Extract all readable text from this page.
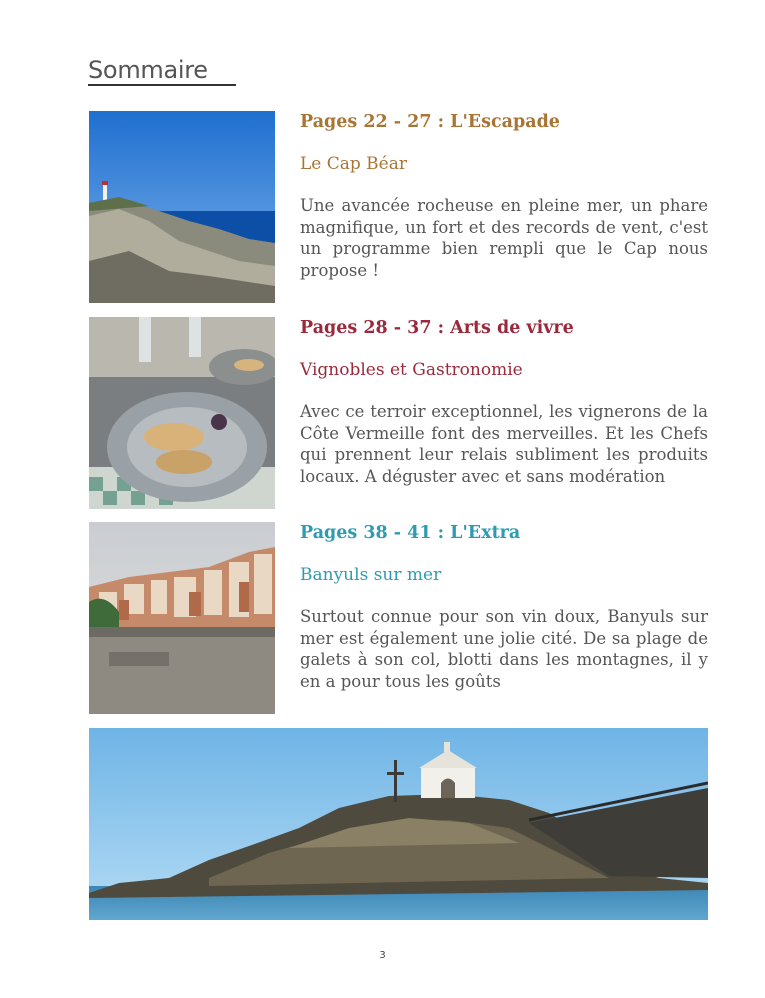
Sommaire

Pages 22 - 27 : L'Escapade

Le Cap Béar

Une avancée rocheuse en pleine mer, un phare magnifique, un fort et des records de vent, c'est un programme bien rempli que le Cap nous propose !

Pages 28 - 37 : Arts de vivre

Vignobles et Gastronomie

Avec ce terroir exceptionnel, les vignerons de la Côte Vermeille font des merveilles. Et les Chefs qui prennent leur relais subliment les produits locaux. A déguster avec et sans modération

Pages 38 - 41 : L'Extra

Banyuls sur mer

Surtout connue pour son vin doux, Banyuls sur mer est également une jolie cité. De sa plage de galets à son col, blotti dans les montagnes, il y en a pour tous les goûts

3
